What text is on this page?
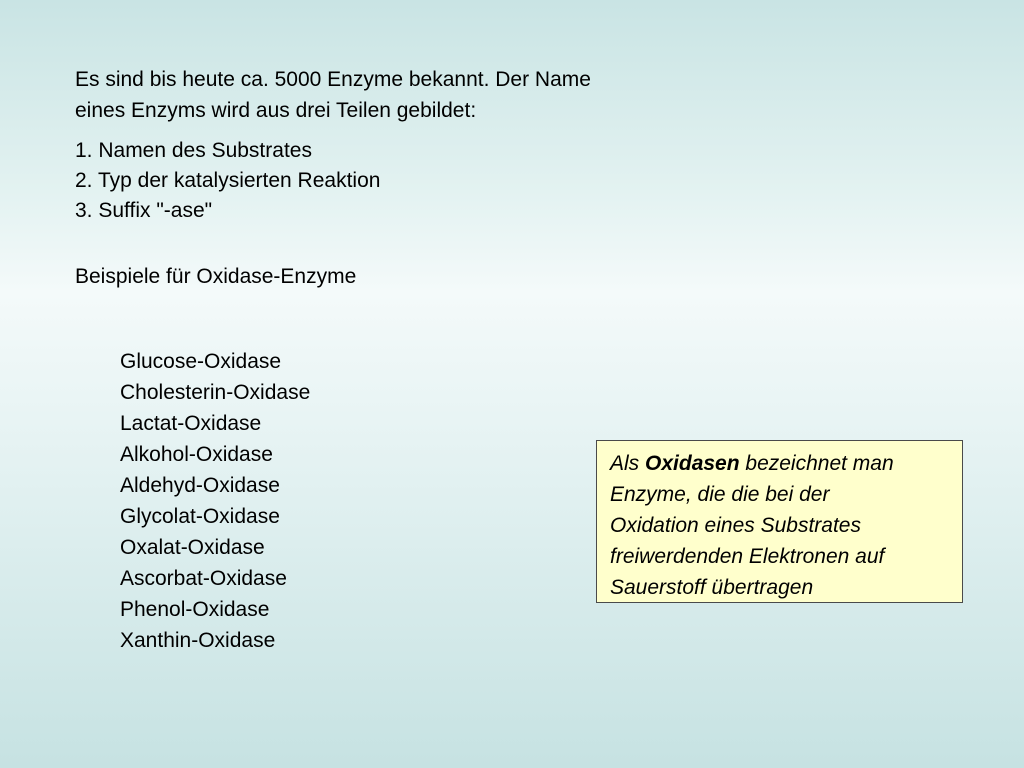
Es sind bis heute ca. 5000 Enzyme bekannt. Der Name
eines Enzyms wird aus drei Teilen gebildet:
1. Namen des Substrates
2. Typ der katalysierten Reaktion
3. Suffix "-ase"
Beispiele für Oxidase-Enzyme
Glucose-Oxidase
Cholesterin-Oxidase
Lactat-Oxidase
Alkohol-Oxidase
Aldehyd-Oxidase
Glycolat-Oxidase
Oxalat-Oxidase
Ascorbat-Oxidase
Phenol-Oxidase
Xanthin-Oxidase
Als Oxidasen bezeichnet man
Enzyme, die die bei der
Oxidation eines Substrates
freiwerdenden Elektronen auf
Sauerstoff übertragen
